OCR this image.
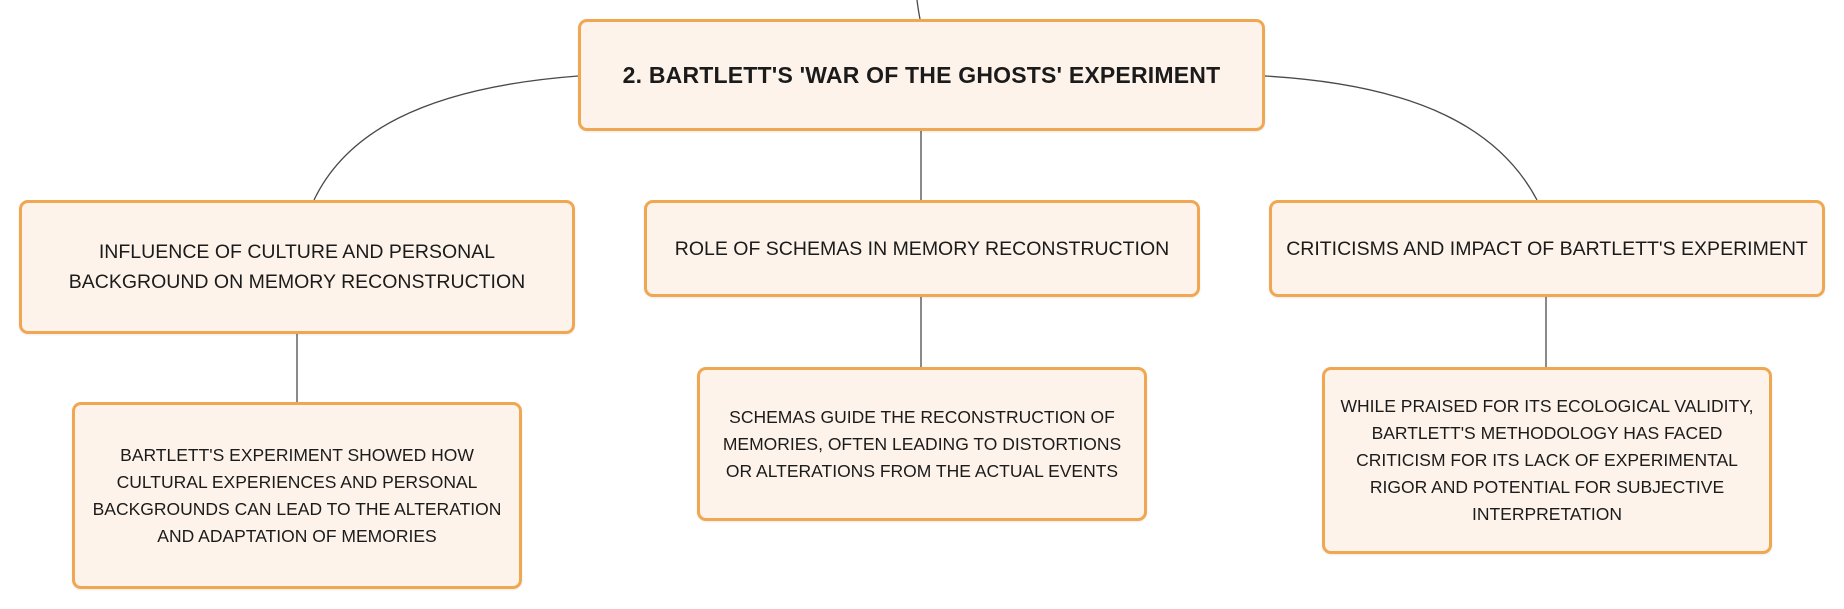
2. BARTLETT'S 'WAR OF THE GHOSTS' EXPERIMENT
INFLUENCE OF CULTURE AND PERSONAL BACKGROUND ON MEMORY RECONSTRUCTION
ROLE OF SCHEMAS IN MEMORY RECONSTRUCTION	CRITICISMS AND IMPACT OF BARTLETT'S EXPERIMENT
BARTLETT'S EXPERIMENT SHOWED HOW CULTURAL EXPERIENCES AND PERSONAL BACKGROUNDS CAN LEAD TO THE ALTERATION AND ADAPTATION OF MEMORIES
SCHEMAS GUIDE THE RECONSTRUCTION OF MEMORIES, OFTEN LEADING TO DISTORTIONS OR ALTERATIONS FROM THE ACTUAL EVENTS
WHILE PRAISED FOR ITS ECOLOGICAL VALIDITY, BARTLETT'S METHODOLOGY HAS FACED CRITICISM FOR ITS LACK OF EXPERIMENTAL RIGOR AND POTENTIAL FOR SUBJECTIVE INTERPRETATION
